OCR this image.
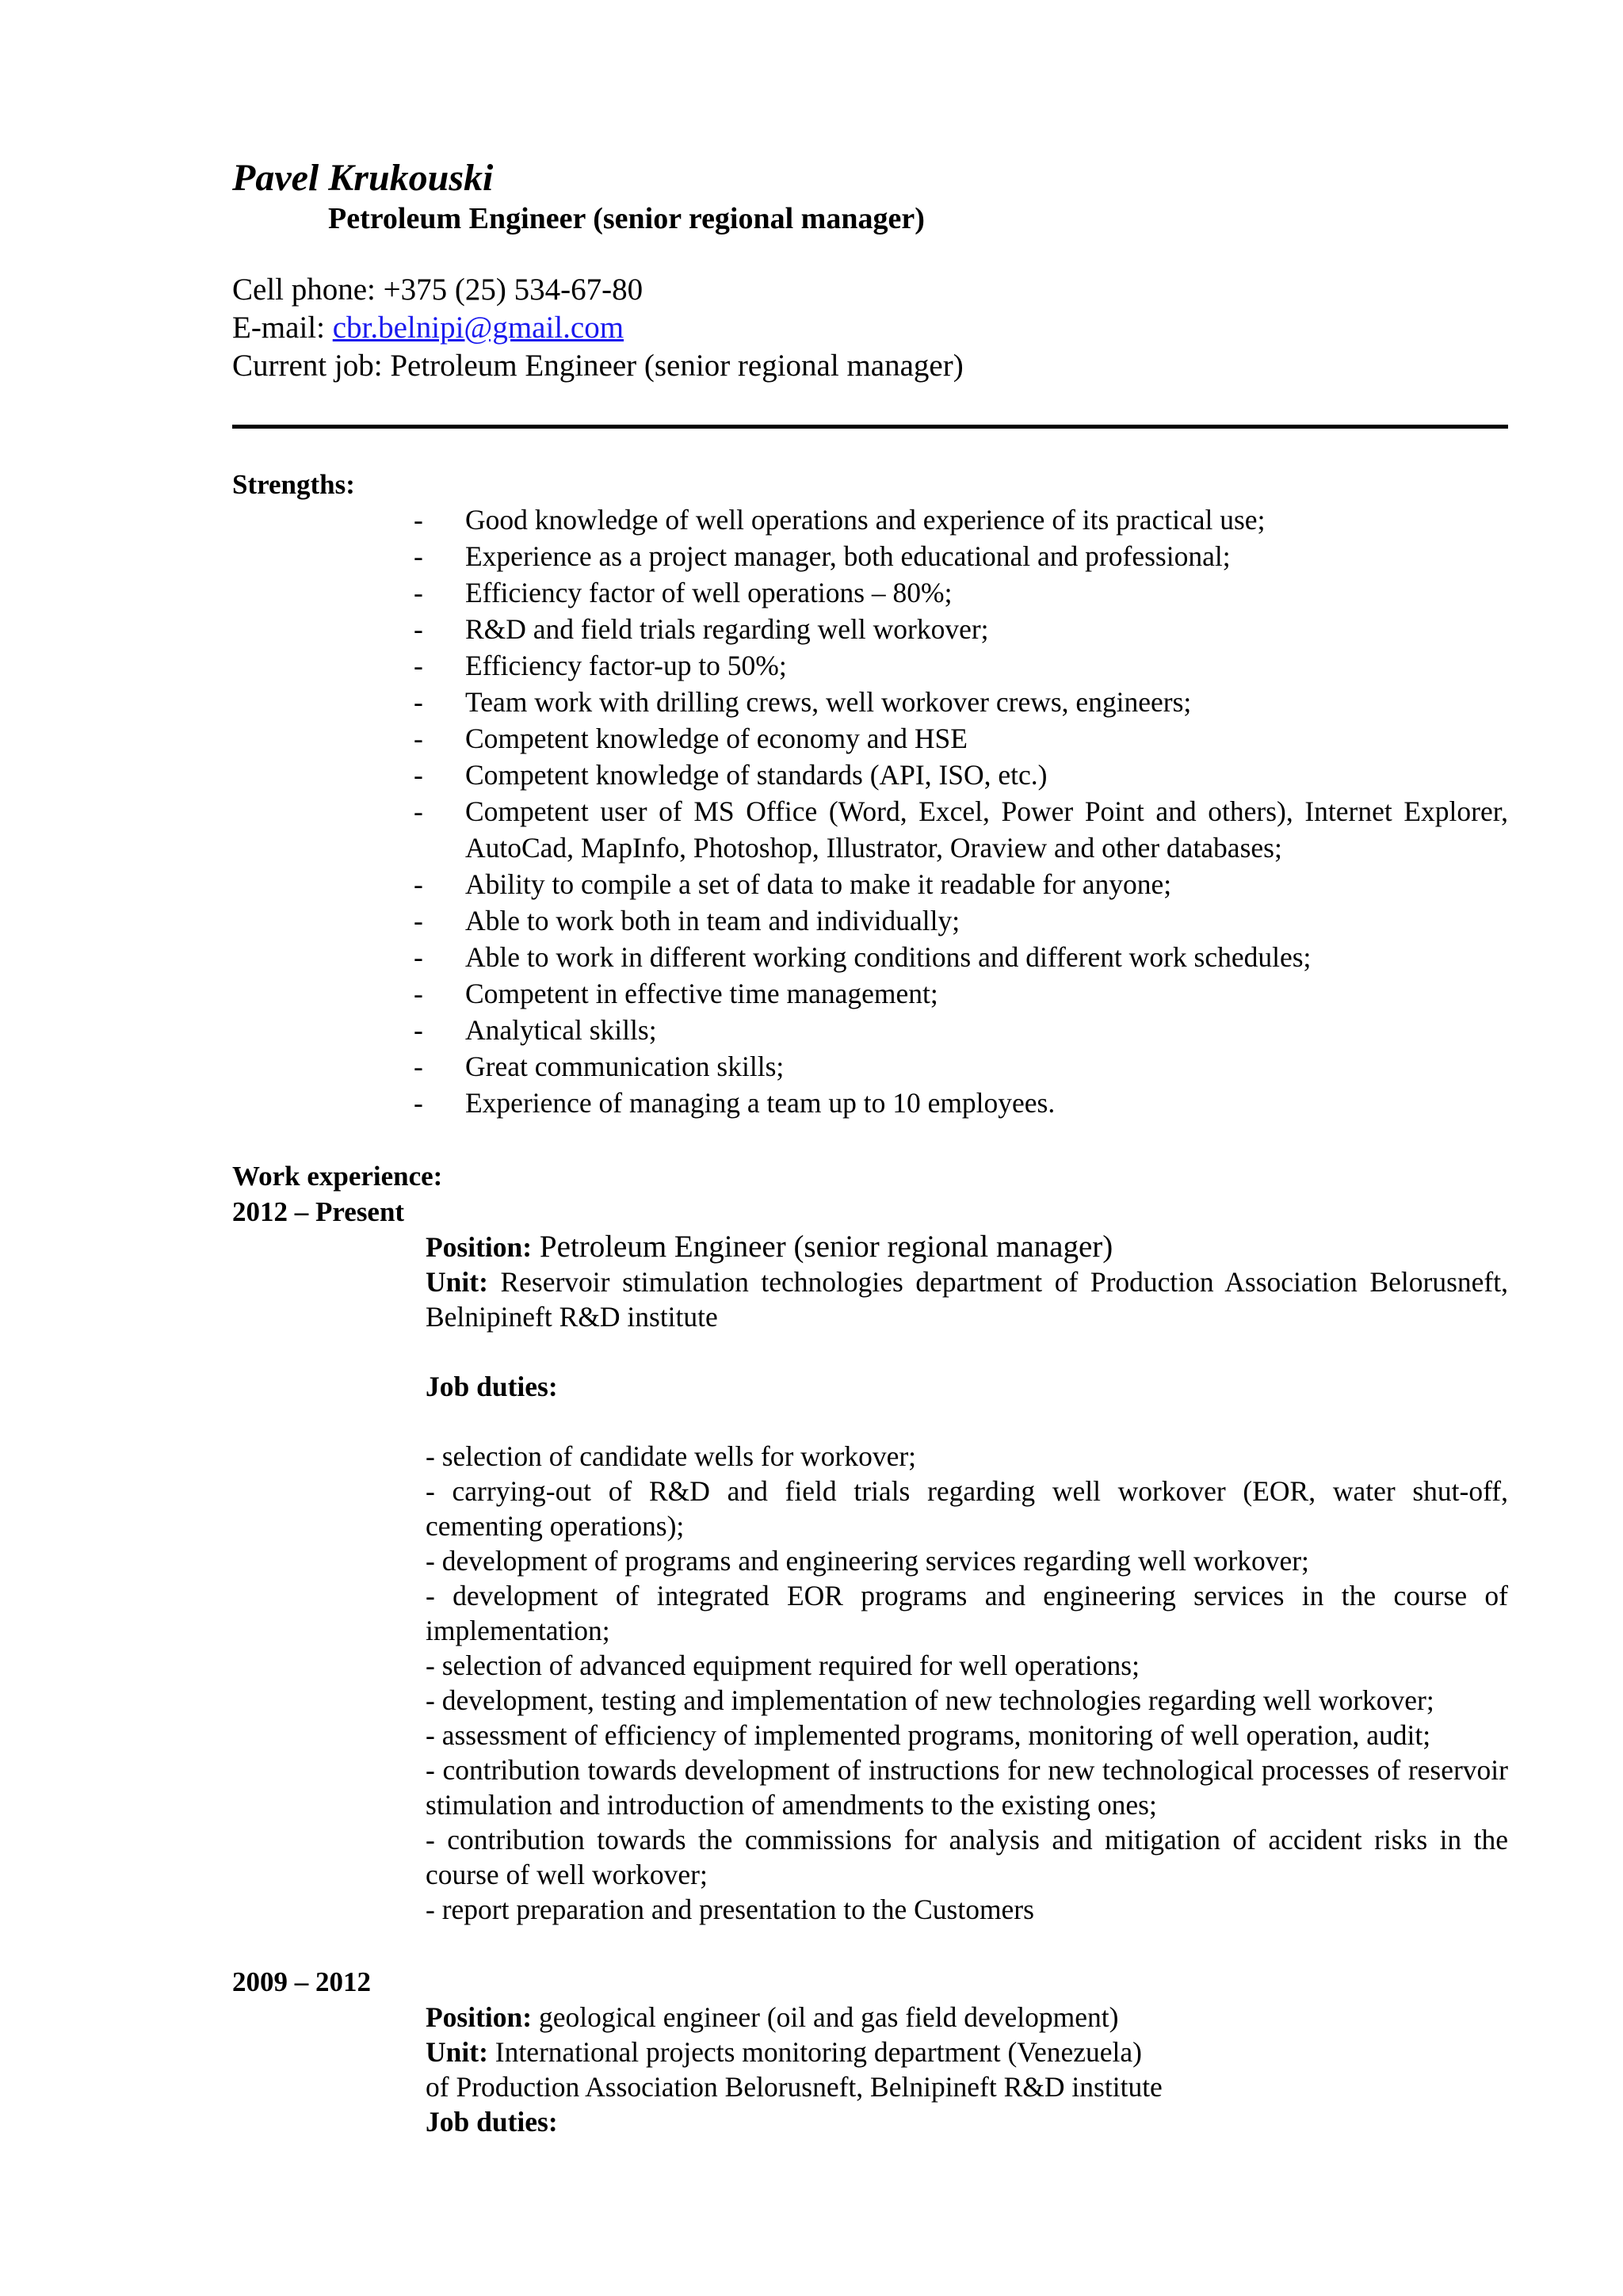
Pavel Krukouski
Petroleum Engineer (senior regional manager)
Cell phone: +375 (25) 534-67-80
E-mail: cbr.belnipi@gmail.com
Current job: Petroleum Engineer (senior regional manager)
Strengths:
- Good knowledge of well operations and experience of its practical use;
- Experience as a project manager, both educational and professional;
- Efficiency factor of well operations – 80%;
- R&D and field trials regarding well workover;
- Efficiency factor-up to 50%;
- Team work with drilling crews, well workover crews, engineers;
- Competent knowledge of economy and HSE
- Competent knowledge of standards (API, ISO, etc.)
- Competent user of MS Office (Word, Excel, Power Point and others), Internet Explorer, AutoCad, MapInfo, Photoshop, Illustrator, Oraview and other databases;
- Ability to compile a set of data to make it readable for anyone;
- Able to work both in team and individually;
- Able to work in different working conditions and different work schedules;
- Competent in effective time management;
- Analytical skills;
- Great communication skills;
- Experience of managing a team up to 10 employees.
Work experience:
2012 – Present
Position: Petroleum Engineer (senior regional manager)
Unit: Reservoir stimulation technologies department of Production Association Belorusneft, Belnipineft R&D institute
Job duties:
- selection of candidate wells for workover;
- carrying-out of R&D and field trials regarding well workover (EOR, water shut-off, cementing operations);
- development of programs and engineering services regarding well workover;
- development of integrated EOR programs and engineering services in the course of implementation;
- selection of advanced equipment required for well operations;
- development, testing and implementation of new technologies regarding well workover;
- assessment of efficiency of implemented programs, monitoring of well operation, audit;
- contribution towards development of instructions for new technological processes of reservoir stimulation and introduction of amendments to the existing ones;
- contribution towards the commissions for analysis and mitigation of accident risks in the course of well workover;
- report preparation and presentation to the Customers
2009 – 2012
Position: geological engineer (oil and gas field development)
Unit: International projects monitoring department (Venezuela)
of Production Association Belorusneft, Belnipineft R&D institute
Job duties:
